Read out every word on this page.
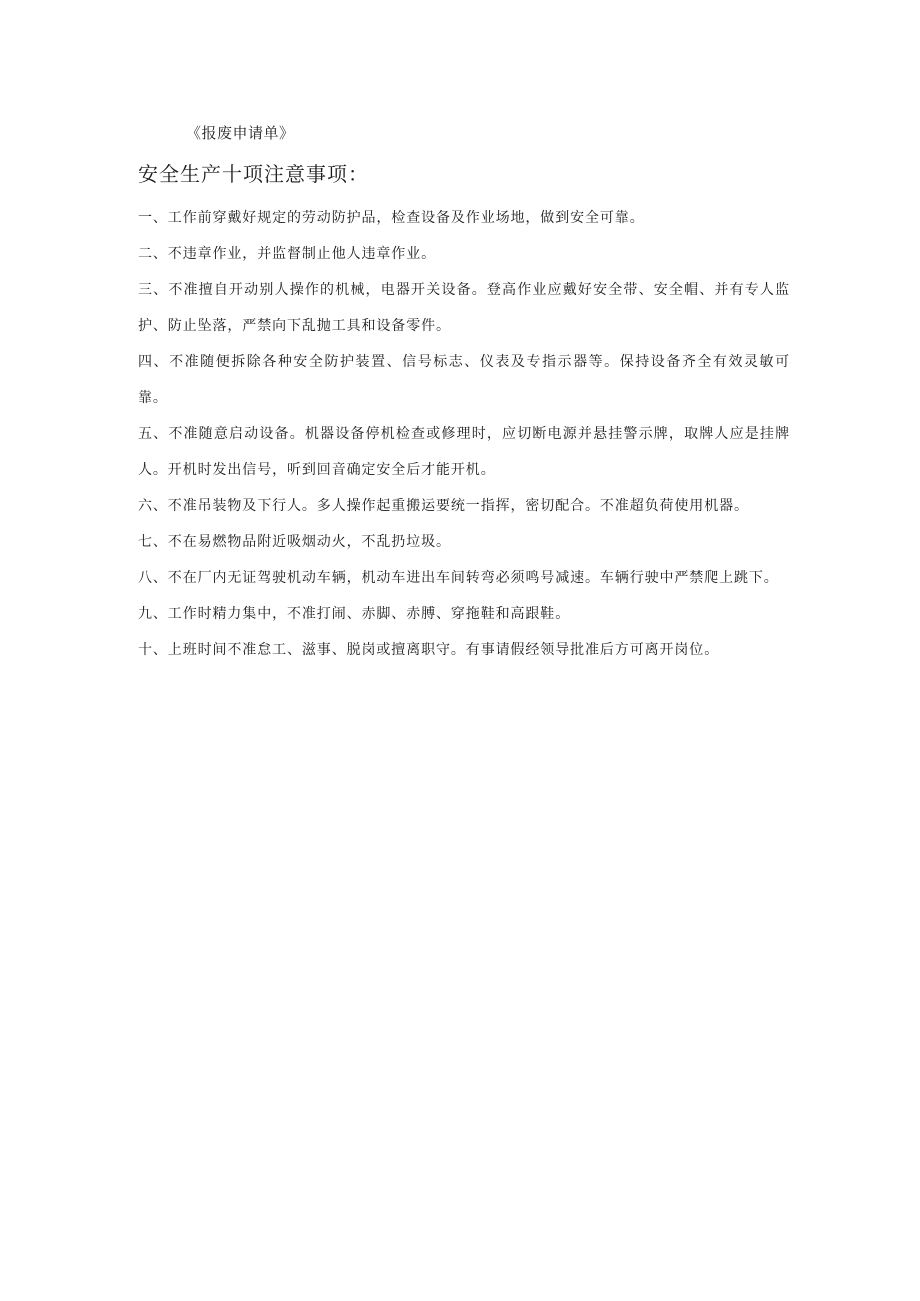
《报废申请单》
安全生产十项注意事项：

一、工作前穿戴好规定的劳动防护品，检查设备及作业场地，做到安全可靠。

二、不违章作业，并监督制止他人违章作业。

三、不准擅自开动别人操作的机械，电器开关设备。登高作业应戴好安全带、安全帽、并有专人监护、防止坠落，严禁向下乱抛工具和设备零件。

四、不准随便拆除各种安全防护装置、信号标志、仪表及专指示器等。保持设备齐全有效灵敏可靠。

五、不准随意启动设备。机器设备停机检查或修理时，应切断电源并悬挂警示牌，取牌人应是挂牌人。开机时发出信号，听到回音确定安全后才能开机。

六、不准吊装物及下行人。多人操作起重搬运要统一指挥，密切配合。不准超负荷使用机器。

七、不在易燃物品附近吸烟动火，不乱扔垃圾。

八、不在厂内无证驾驶机动车辆，机动车进出车间转弯必须鸣号减速。车辆行驶中严禁爬上跳下。

九、工作时精力集中，不准打闹、赤脚、赤膊、穿拖鞋和高跟鞋。

十、上班时间不准怠工、滋事、脱岗或擅离职守。有事请假经领导批准后方可离开岗位。
